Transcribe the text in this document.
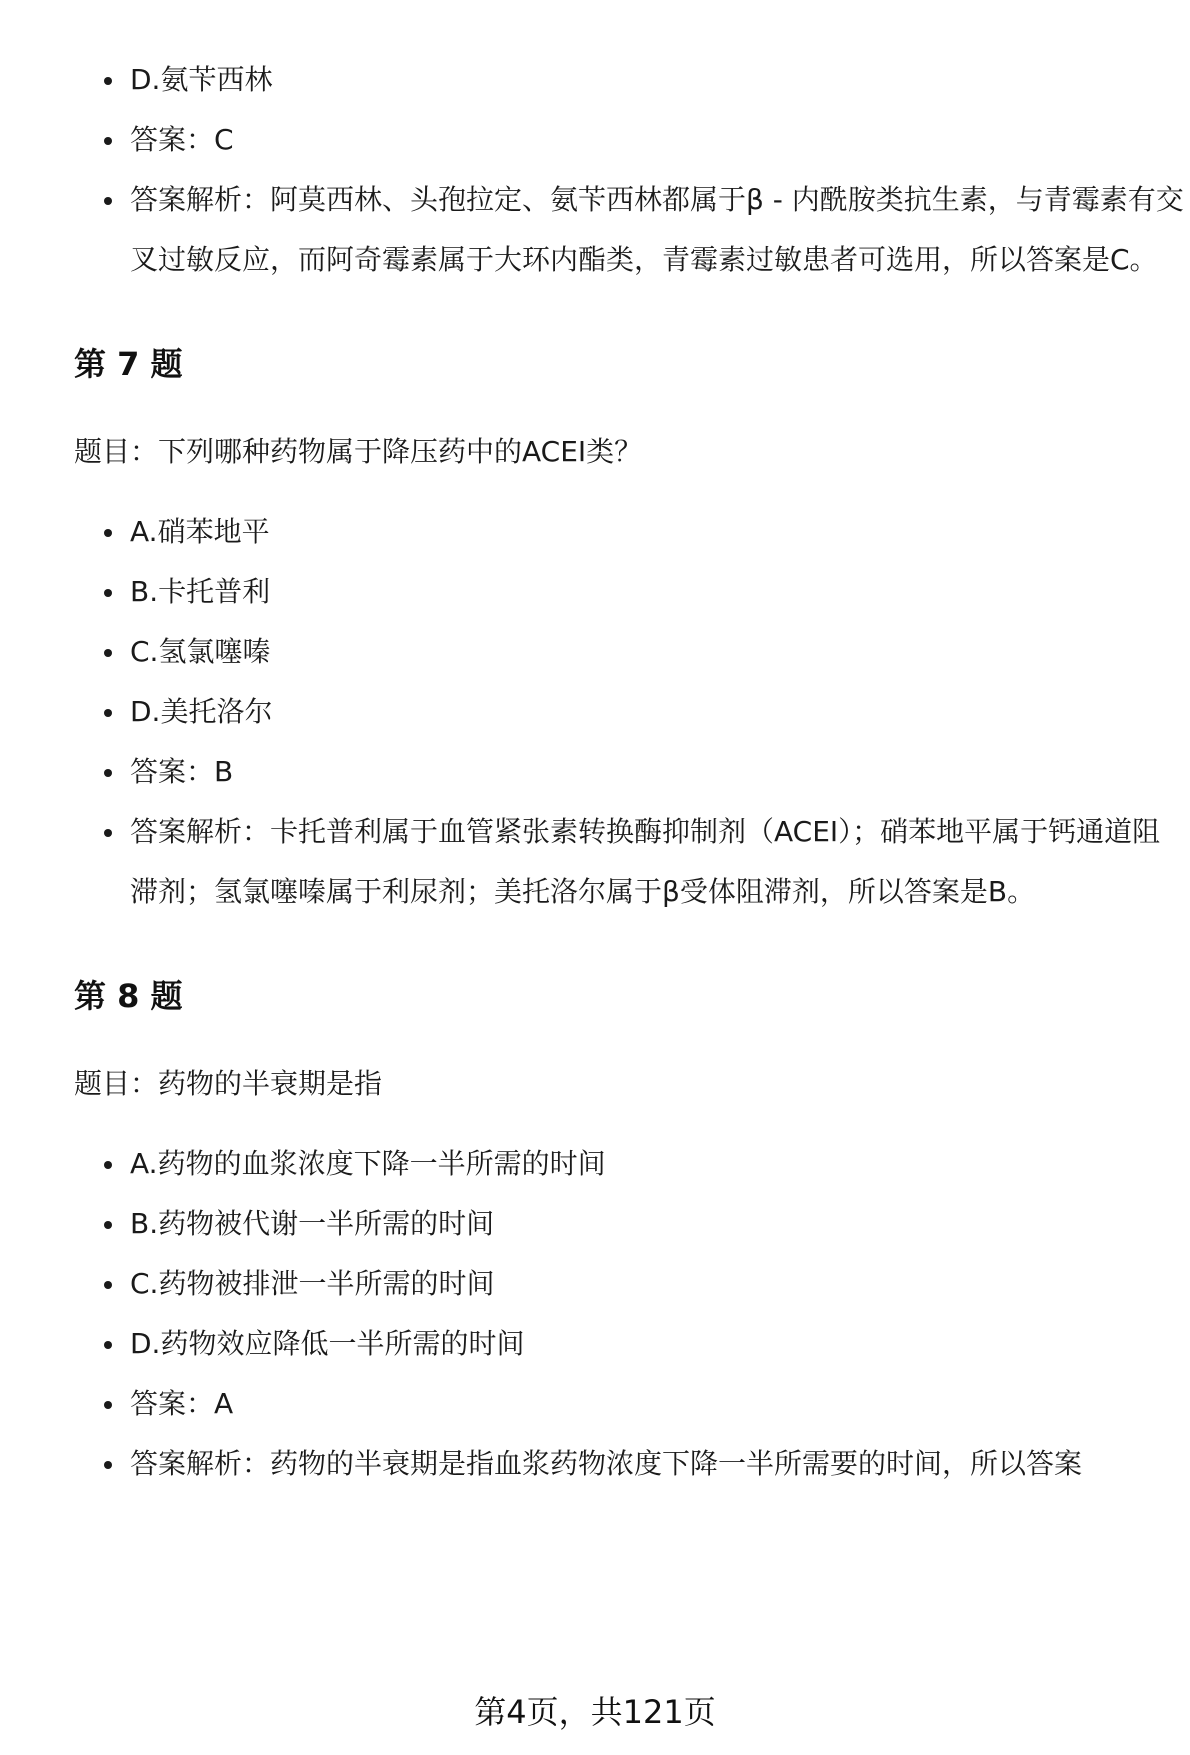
D.氨苄西林
答案：C
答案解析：阿莫西林、头孢拉定、氨苄西林都属于β - 内酰胺类抗生素，与青霉素有交叉过敏反应，而阿奇霉素属于大环内酯类，青霉素过敏患者可选用，所以答案是C。
第 7 题

题目：下列哪种药物属于降压药中的ACEI类？

A.硝苯地平
B.卡托普利
C.氢氯噻嗪
D.美托洛尔
答案：B
答案解析：卡托普利属于血管紧张素转换酶抑制剂（ACEI）；硝苯地平属于钙通道阻滞剂；氢氯噻嗪属于利尿剂；美托洛尔属于β受体阻滞剂，所以答案是B。
第 8 题

题目：药物的半衰期是指

A.药物的血浆浓度下降一半所需的时间
B.药物被代谢一半所需的时间
C.药物被排泄一半所需的时间
D.药物效应降低一半所需的时间
答案：A
答案解析：药物的半衰期是指血浆药物浓度下降一半所需要的时间，所以答案
第4页，共121页
